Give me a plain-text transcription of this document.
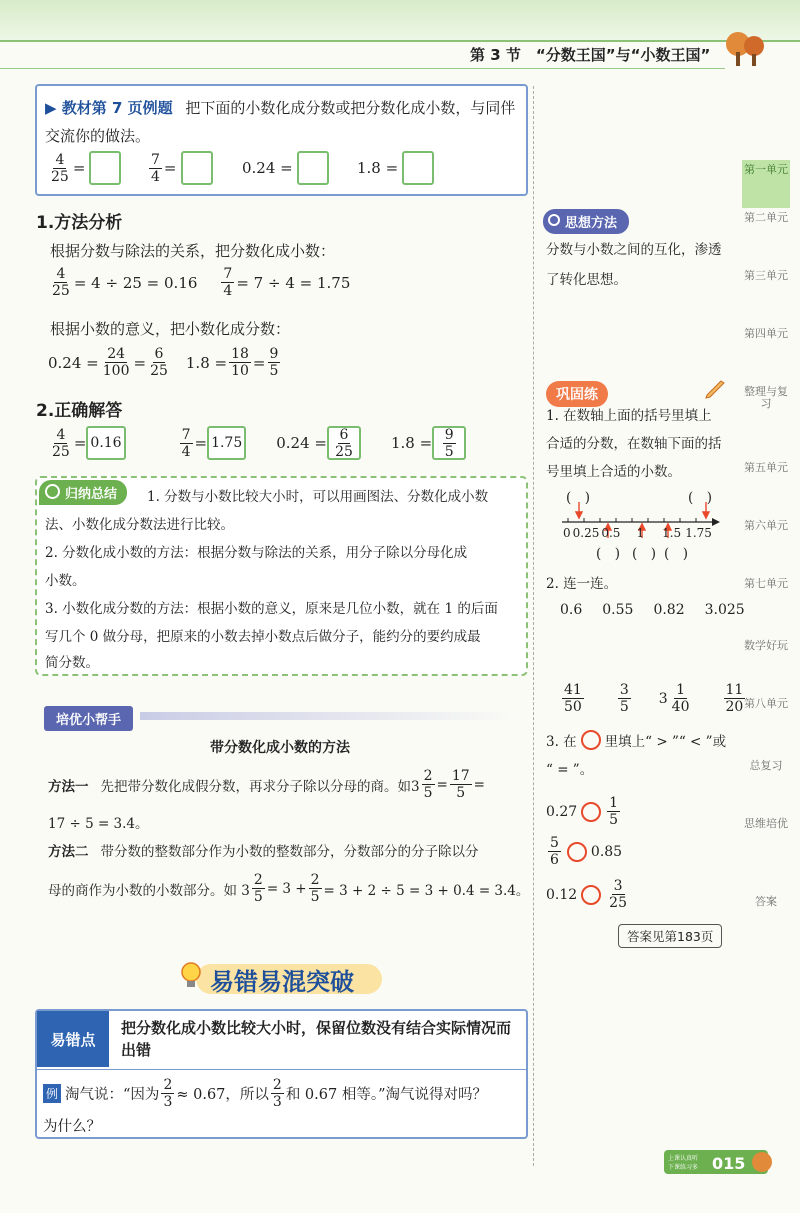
第 3 节　“分数王国”与“小数王国”
第一单元
第二单元
第三单元
第四单元
整理与复习
第五单元
第六单元
第七单元
数学好玩
第八单元
总复习
思维培优
答案
▶ 教材第 7 页例题 把下面的小数化成分数或把分数化成小数，与同伴交流你的做法。
$\frac{4}{25}$ =	$\frac{7}{4}$ =	0.24 =	1.8 =
1.方法分析
根据分数与除法的关系，把分数化成小数：
$\frac{4}{25} = 4 \div 25 = 0.16 \frac{7}{4} = 7 \div 4 = 1.75$
根据小数的意义，把小数化成分数：
$0.24 = \frac{24}{100} = \frac{6}{25} 1.8 = \frac{18}{10} = \frac{9}{5}$
2.正确解答
$\frac{4}{25} = 0.16$	$\frac{7}{4} = 1.75$ $0.24 = \frac{6}{25} 1.8 = \frac{9}{5}$
归纳总结	1. 分数与小数比较大小时，可以用画图法、分数化成小数
法、小数化成分数法进行比较。
2. 分数化成小数的方法：根据分数与除法的关系，用分子除以分母化成
小数。
3. 小数化成分数的方法：根据小数的意义，原来是几位小数，就在 1 的后面
写几个 0 做分母，把原来的小数去掉小数点后做分子，能约分的要约成最
简分数。
培优小帮手
带分数化成小数的方法
方法一 先把带分数化成假分数，再求分子除以分母的商。如$3 \frac{2}{5} = \frac{17}{5}$ =
17 ÷ 5 = 3.4。
方法二 带分数的整数部分作为小数的整数部分，分数部分的分子除以分
母的商作为小数的小数部分。如 $3 \frac{2}{5} = 3 + \frac{2}{5} = 3 + 2 \div 5 = 3 + 0.4 = 3.4$。
易错易混突破
易错点
把分数化成小数比较大小时，保留位数没有结合实际情况而出错
例 淘气说：“因为 $\frac{2}{3} \approx 0.67$，所以 $\frac{2}{3}$ 和 0.67 相等。”淘气说得对吗？
为什么？
思想方法
分数与小数之间的互化，渗透
了转化思想。
巩固练
1. 在数轴上面的括号里填上
合适的分数，在数轴下面的括
号里填上合适的小数。
(　)	(　)
0 0.25 0.5 1 1.5 1.75
(　) (　) (　)
2. 连一连。
0.6 0.55 0.82 3.025
$\frac{41}{50} \frac{3}{5} 3 \frac{1}{40} \frac{11}{20}$
3. 在 里填上“ > ”“ < ”或
“ = ”。
$0.27 \frac{1}{5}$
$\frac{5}{6} 0.85$
$0.12 \frac{3}{25}$
答案见第183页
上课认真听
下课练习多 015
